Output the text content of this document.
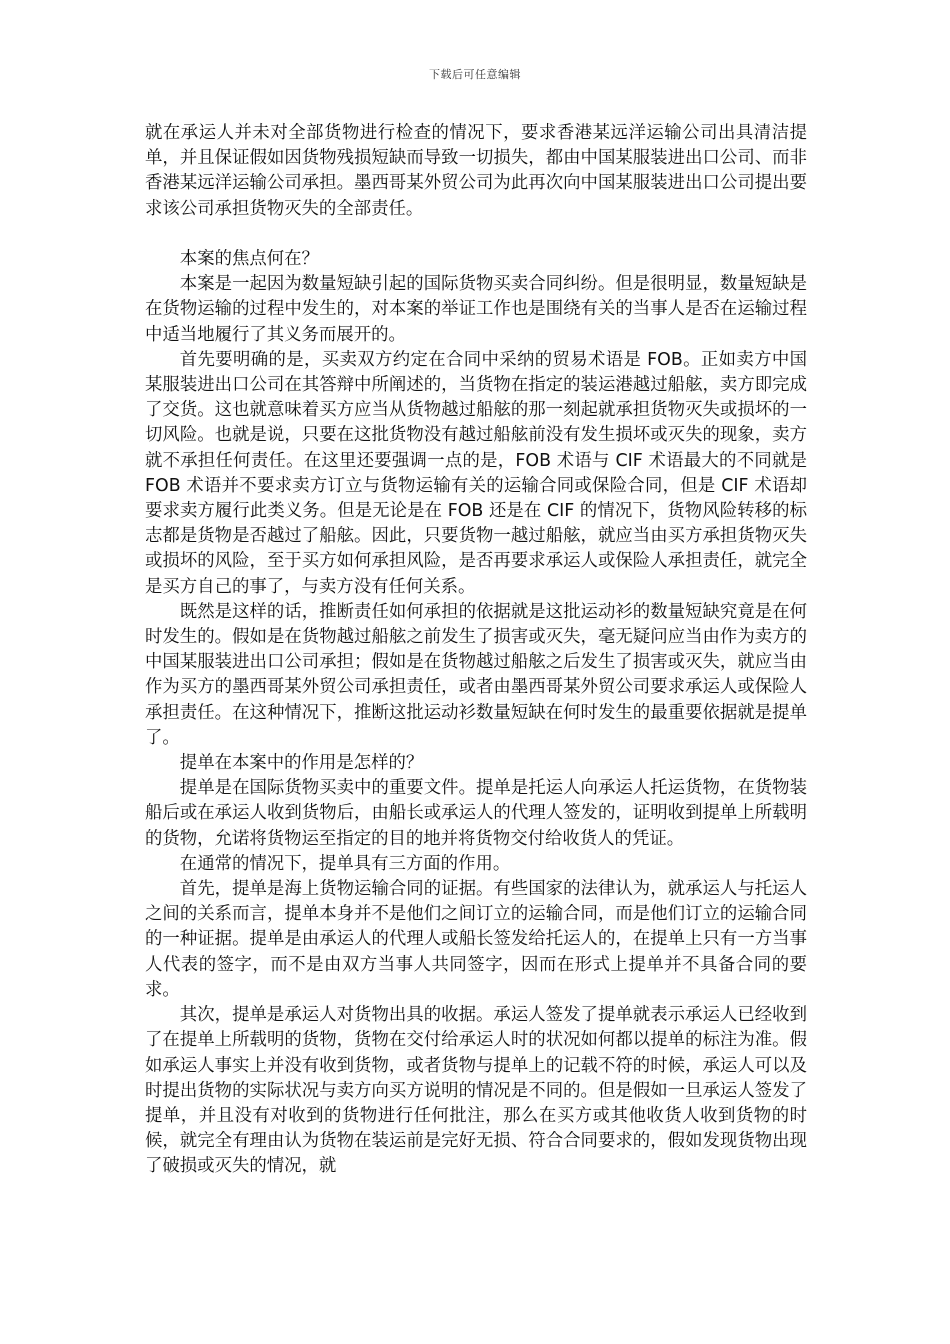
下载后可任意编辑

就在承运人并未对全部货物进行检查的情况下，要求香港某远洋运输公司出具清洁提单，并且保证假如因货物残损短缺而导致一切损失，都由中国某服装进出口公司、而非香港某远洋运输公司承担。墨西哥某外贸公司为此再次向中国某服装进出口公司提出要求该公司承担货物灭失的全部责任。

本案的焦点何在？

本案是一起因为数量短缺引起的国际货物买卖合同纠纷。但是很明显，数量短缺是在货物运输的过程中发生的，对本案的举证工作也是围绕有关的当事人是否在运输过程中适当地履行了其义务而展开的。

首先要明确的是，买卖双方约定在合同中采纳的贸易术语是 FOB。正如卖方中国某服装进出口公司在其答辩中所阐述的，当货物在指定的装运港越过船舷，卖方即完成了交货。这也就意味着买方应当从货物越过船舷的那一刻起就承担货物灭失或损坏的一切风险。也就是说，只要在这批货物没有越过船舷前没有发生损坏或灭失的现象，卖方就不承担任何责任。在这里还要强调一点的是，FOB 术语与 CIF 术语最大的不同就是 FOB 术语并不要求卖方订立与货物运输有关的运输合同或保险合同，但是 CIF 术语却要求卖方履行此类义务。但是无论是在 FOB 还是在 CIF 的情况下，货物风险转移的标志都是货物是否越过了船舷。因此，只要货物一越过船舷，就应当由买方承担货物灭失或损坏的风险，至于买方如何承担风险，是否再要求承运人或保险人承担责任，就完全是买方自己的事了，与卖方没有任何关系。

既然是这样的话，推断责任如何承担的依据就是这批运动衫的数量短缺究竟是在何时发生的。假如是在货物越过船舷之前发生了损害或灭失，毫无疑问应当由作为卖方的中国某服装进出口公司承担；假如是在货物越过船舷之后发生了损害或灭失，就应当由作为买方的墨西哥某外贸公司承担责任，或者由墨西哥某外贸公司要求承运人或保险人承担责任。在这种情况下，推断这批运动衫数量短缺在何时发生的最重要依据就是提单了。

提单在本案中的作用是怎样的？

提单是在国际货物买卖中的重要文件。提单是托运人向承运人托运货物，在货物装船后或在承运人收到货物后，由船长或承运人的代理人签发的，证明收到提单上所载明的货物，允诺将货物运至指定的目的地并将货物交付给收货人的凭证。

在通常的情况下，提单具有三方面的作用。

首先，提单是海上货物运输合同的证据。有些国家的法律认为，就承运人与托运人之间的关系而言，提单本身并不是他们之间订立的运输合同，而是他们订立的运输合同的一种证据。提单是由承运人的代理人或船长签发给托运人的，在提单上只有一方当事人代表的签字，而不是由双方当事人共同签字，因而在形式上提单并不具备合同的要求。

其次，提单是承运人对货物出具的收据。承运人签发了提单就表示承运人已经收到了在提单上所载明的货物，货物在交付给承运人时的状况如何都以提单的标注为准。假如承运人事实上并没有收到货物，或者货物与提单上的记载不符的时候，承运人可以及时提出货物的实际状况与卖方向买方说明的情况是不同的。但是假如一旦承运人签发了提单，并且没有对收到的货物进行任何批注，那么在买方或其他收货人收到货物的时候，就完全有理由认为货物在装运前是完好无损、符合合同要求的，假如发现货物出现了破损或灭失的情况，就
